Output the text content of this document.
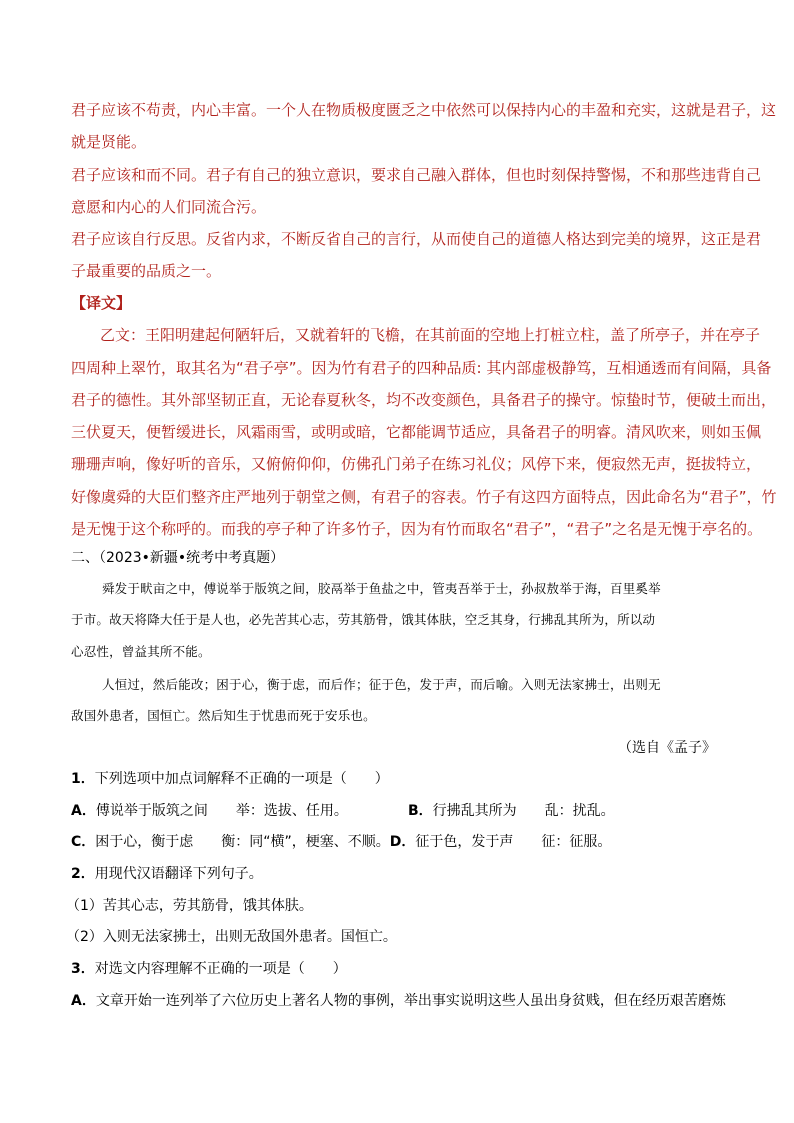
君子应该不苟责，内心丰富。一个人在物质极度匮乏之中依然可以保持内心的丰盈和充实，这就是君子，这
就是贤能。
君子应该和而不同。君子有自己的独立意识，要求自己融入群体，但也时刻保持警惕，不和那些违背自己
意愿和内心的人们同流合污。
君子应该自行反思。反省内求，不断反省自己的言行，从而使自己的道德人格达到完美的境界，这正是君
子最重要的品质之一。
【译文】
乙文：王阳明建起何陋轩后，又就着轩的飞檐，在其前面的空地上打桩立柱，盖了所亭子，并在亭子
四周种上翠竹，取其名为“君子亭”。因为竹有君子的四种品质: 其内部虚极静笃，互相通透而有间隔，具备
君子的德性。其外部坚韧正直，无论春夏秋冬，均不改变颜色，具备君子的操守。惊蛰时节，便破土而出，
三伏夏天，便暂缓进长，风霜雨雪，或明或暗，它都能调节适应，具备君子的明睿。清风吹来，则如玉佩
珊珊声响，像好听的音乐，又俯俯仰仰，仿佛孔门弟子在练习礼仪；风停下来，便寂然无声，挺拔特立，
好像虞舜的大臣们整齐庄严地列于朝堂之侧，有君子的容表。竹子有这四方面特点，因此命名为“君子”，竹
是无愧于这个称呼的。而我的亭子种了许多竹子，因为有竹而取名“君子”，“君子”之名是无愧于亭名的。
二、（2023•新疆•统考中考真题）
舜发于畎亩之中，傅说举于版筑之间，胶鬲举于鱼盐之中，管夷吾举于士，孙叔敖举于海，百里奚举
于市。故天将降大任于是人也，必先苦其心志，劳其筋骨，饿其体肤，空乏其身，行拂乱其所为，所以动
心忍性，曾益其所不能。
人恒过，然后能改；困于心，衡于虑，而后作；征于色，发于声，而后喻。入则无法家拂士，出则无
敌国外患者，国恒亡。然后知生于忧患而死于安乐也。
（选自《孟子》
1．下列选项中加点词解释不正确的一项是（　　）
A．傅说举于版筑之间　　举：选拔、任用。	B．行拂乱其所为　　乱：扰乱。
C．困于心，衡于虑　　衡：同“横”，梗塞、不顺。D．征于色，发于声　　征：征服。
2．用现代汉语翻译下列句子。
（1）苦其心志，劳其筋骨，饿其体肤。
（2）入则无法家拂士，出则无敌国外患者。国恒亡。
3．对选文内容理解不正确的一项是（　　）
A．文章开始一连列举了六位历史上著名人物的事例，举出事实说明这些人虽出身贫贱，但在经历艰苦磨炼
